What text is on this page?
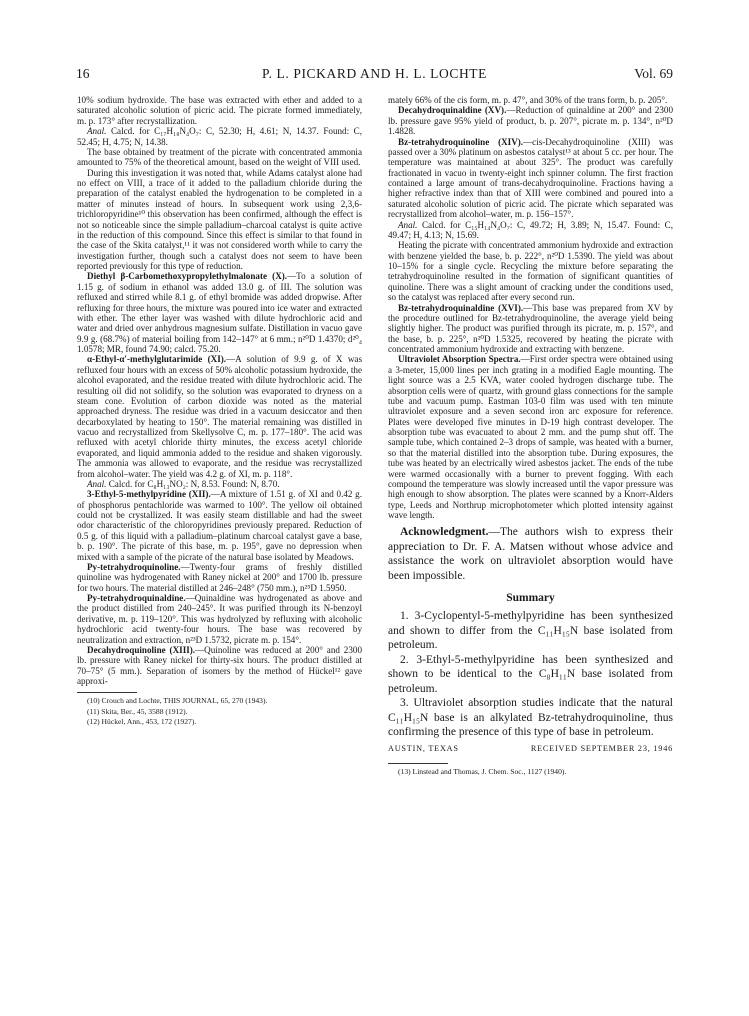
16	P. L. PICKARD AND H. L. LOCHTE	Vol. 69

10% sodium hydroxide. The base was extracted with ether and added to a saturated alcoholic solution of picric acid. The picrate formed immediately, m. p. 173° after recrystallization.

Anal. Calcd. for C₁₇H₁₈N₄O₇: C, 52.30; H, 4.61; N, 14.37. Found: C, 52.45; H, 4.75; N, 14.38.

The base obtained by treatment of the picrate with concentrated ammonia amounted to 75% of the theoretical amount, based on the weight of VIII used.

During this investigation it was noted that, while Adams catalyst alone had no effect on VIII, a trace of it added to the palladium chloride during the preparation of the catalyst enabled the hydrogenation to be completed in a matter of minutes instead of hours. In subsequent work using 2,3,6-trichloropyridine¹⁰ this observation has been confirmed, although the effect is not so noticeable since the simple palladium–charcoal catalyst is quite active in the reduction of this compound. Since this effect is similar to that found in the case of the Skita catalyst,¹¹ it was not considered worth while to carry the investigation further, though such a catalyst does not seem to have been reported previously for this type of reduction.

Diethyl β-Carbomethoxypropylethylmalonate (X).—To a solution of 1.15 g. of sodium in ethanol was added 13.0 g. of III. The solution was refluxed and stirred while 8.1 g. of ethyl bromide was added dropwise. After refluxing for three hours, the mixture was poured into ice water and extracted with ether. The ether layer was washed with dilute hydrochloric acid and water and dried over anhydrous magnesium sulfate. Distillation in vacuo gave 9.9 g. (68.7%) of material boiling from 142–147° at 6 mm.; n²⁰D 1.4370; d²⁰₄ 1.0578; MR, found 74.90; calcd. 75.20.

α-Ethyl-α′-methylglutarimide (XI).—A solution of 9.9 g. of X was refluxed four hours with an excess of 50% alcoholic potassium hydroxide, the alcohol evaporated, and the residue treated with dilute hydrochloric acid. The resulting oil did not solidify, so the solution was evaporated to dryness on a steam cone. Evolution of carbon dioxide was noted as the material approached dryness. The residue was dried in a vacuum desiccator and then decarboxylated by heating to 150°. The material remaining was distilled in vacuo and recrystallized from Skellysolve C, m. p. 177–180°. The acid was refluxed with acetyl chloride thirty minutes, the excess acetyl chloride evaporated, and liquid ammonia added to the residue and shaken vigorously. The ammonia was allowed to evaporate, and the residue was recrystallized from alcohol–water. The yield was 4.2 g. of XI, m. p. 118°.

Anal. Calcd. for C₈H₁₃NO₂: N, 8.53. Found: N, 8.70.

3-Ethyl-5-methylpyridine (XII).—A mixture of 1.51 g. of XI and 0.42 g. of phosphorus pentachloride was warmed to 100°. The yellow oil obtained could not be crystallized. It was easily steam distillable and had the sweet odor characteristic of the chloropyridines previously prepared. Reduction of 0.5 g. of this liquid with a palladium–platinum charcoal catalyst gave a base, b. p. 190°. The picrate of this base, m. p. 195°, gave no depression when mixed with a sample of the picrate of the natural base isolated by Meadows.

Py-tetrahydroquinoline.—Twenty-four grams of freshly distilled quinoline was hydrogenated with Raney nickel at 200° and 1700 lb. pressure for two hours. The material distilled at 246–248° (750 mm.), n²⁵D 1.5950.

Py-tetrahydroquinaldine.—Quinaldine was hydrogenated as above and the product distilled from 240–245°. It was purified through its N-benzoyl derivative, m. p. 119–120°. This was hydrolyzed by refluxing with alcoholic hydrochloric acid twenty-four hours. The base was recovered by neutralization and extraction, n²³D 1.5732, picrate m. p. 154°.

Decahydroquinoline (XIII).—Quinoline was reduced at 200° and 2300 lb. pressure with Raney nickel for thirty-six hours. The product distilled at 70–75° (5 mm.). Separation of isomers by the method of Hückel¹² gave approxi-

(10) Crouch and Lochte, THIS JOURNAL, 65, 270 (1943).

(11) Skita, Ber., 45, 3588 (1912).

(12) Hückel, Ann., 453, 172 (1927).

mately 66% of the cis form, m. p. 47°, and 30% of the trans form, b. p. 205°.

Decahydroquinaldine (XV).—Reduction of quinaldine at 200° and 2300 lb. pressure gave 95% yield of product, b. p. 207°, picrate m. p. 134°, n²⁰D 1.4828.

Bz-tetrahydroquinoline (XIV).—cis-Decahydroquinoline (XIII) was passed over a 30% platinum on asbestos catalyst¹³ at about 5 cc. per hour. The temperature was maintained at about 325°. The product was carefully fractionated in vacuo in twenty-eight inch spinner column. The first fraction contained a large amount of trans-decahydroquinoline. Fractions having a higher refractive index than that of XIII were combined and poured into a saturated alcoholic solution of picric acid. The picrate which separated was recrystallized from alcohol–water, m. p. 156–157°.

Anal. Calcd. for C₁₅H₁₄N₄O₇: C, 49.72; H, 3.89; N, 15.47. Found: C, 49.47; H, 4.13; N, 15.69.

Heating the picrate with concentrated ammonium hydroxide and extraction with benzene yielded the base, b. p. 222°, n²⁰D 1.5390. The yield was about 10–15% for a single cycle. Recycling the mixture before separating the tetrahydroquinoline resulted in the formation of significant quantities of quinoline. There was a slight amount of cracking under the conditions used, so the catalyst was replaced after every second run.

Bz-tetrahydroquinaldine (XVI).—This base was prepared from XV by the procedure outlined for Bz-tetrahydroquinoline, the average yield being slightly higher. The product was purified through its picrate, m. p. 157°, and the base, b. p. 225°, n²⁰D 1.5325, recovered by heating the picrate with concentrated ammonium hydroxide and extracting with benzene.

Ultraviolet Absorption Spectra.—First order spectra were obtained using a 3-meter, 15,000 lines per inch grating in a modified Eagle mounting. The light source was a 2.5 KVA, water cooled hydrogen discharge tube. The absorption cells were of quartz, with ground glass connections for the sample tube and vacuum pump. Eastman 103-0 film was used with ten minute ultraviolet exposure and a seven second iron arc exposure for reference. Plates were developed five minutes in D-19 high contrast developer. The absorption tube was evacuated to about 2 mm. and the pump shut off. The sample tube, which contained 2–3 drops of sample, was heated with a burner, so that the material distilled into the absorption tube. During exposures, the tube was heated by an electrically wired asbestos jacket. The ends of the tube were warmed occasionally with a burner to prevent fogging. With each compound the temperature was slowly increased until the vapor pressure was high enough to show absorption. The plates were scanned by a Knorr-Alders type, Leeds and Northrup microphotometer which plotted intensity against wave length.

Acknowledgment.—The authors wish to express their appreciation to Dr. F. A. Matsen without whose advice and assistance the work on ultraviolet absorption would have been impossible.

Summary

1. 3-Cyclopentyl-5-methylpyridine has been synthesized and shown to differ from the C₁₁H₁₅N base isolated from petroleum.

2. 3-Ethyl-5-methylpyridine has been synthesized and shown to be identical to the C₈H₁₁N base isolated from petroleum.

3. Ultraviolet absorption studies indicate that the natural C₁₁H₁₅N base is an alkylated Bz-tetrahydroquinoline, thus confirming the presence of this type of base in petroleum.

AUSTIN, TEXAS	RECEIVED SEPTEMBER 23, 1946

(13) Linstead and Thomas, J. Chem. Soc., 1127 (1940).
